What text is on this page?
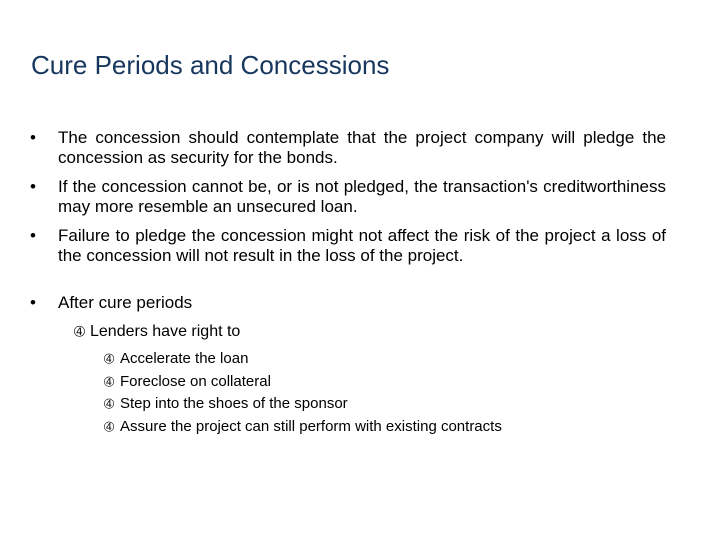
Cure Periods and Concessions
•	The concession should contemplate that the project company will pledge the concession as security for the bonds.
•	If the concession cannot be, or is not pledged, the transaction's creditworthiness may more resemble an unsecured loan.
•	Failure to pledge the concession might not affect the risk of the project a loss of the concession will not result in the loss of the project.
•	After cure periods
➃ Lenders have right to
➃ Accelerate the loan
➃ Foreclose on collateral
➃ Step into the shoes of the sponsor
➃ Assure the project can still perform with existing contracts
